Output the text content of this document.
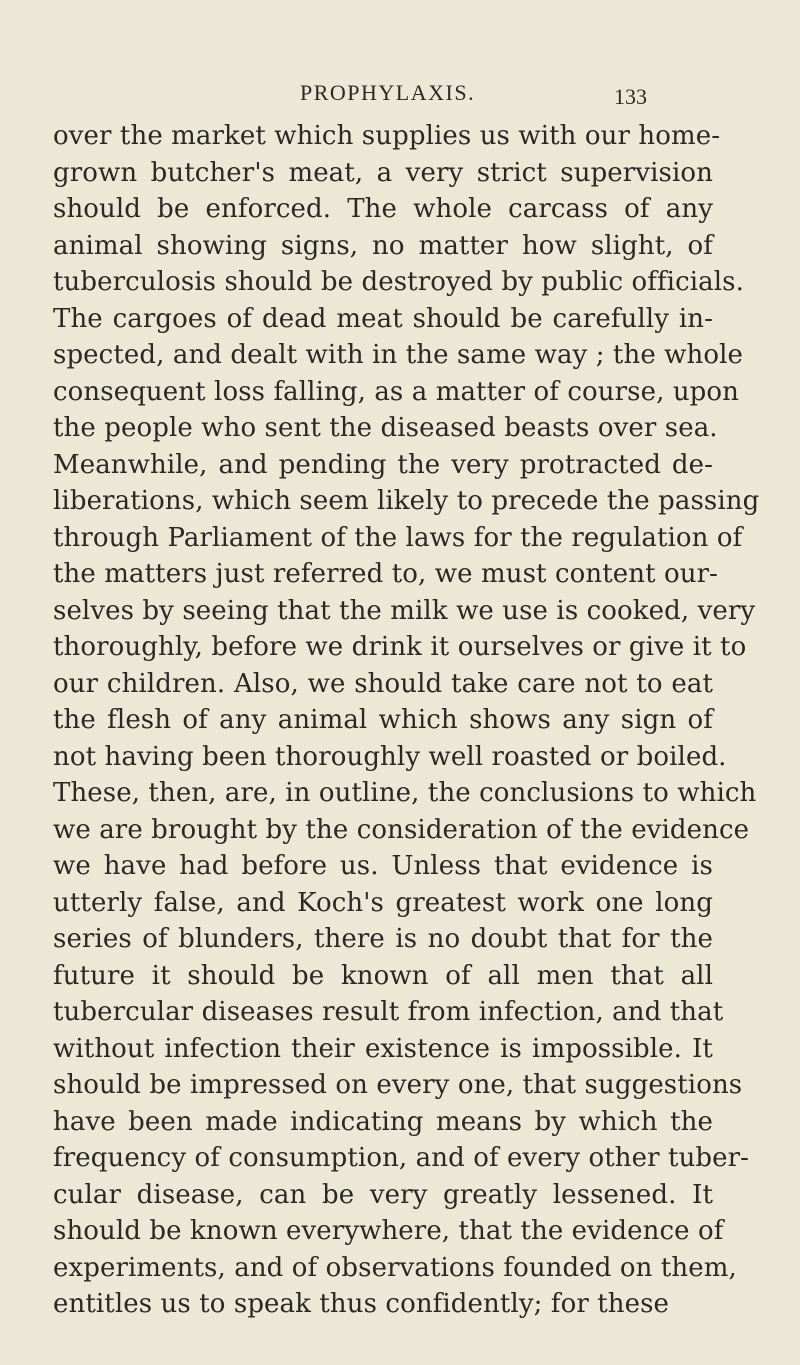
PROPHYLAXIS.	133
over the market which supplies us with our home-
grown butcher's meat, a very strict supervision
should be enforced. The whole carcass of any
animal showing signs, no matter how slight, of
tuberculosis should be destroyed by public officials.
The cargoes of dead meat should be carefully in-
spected, and dealt with in the same way ; the whole
consequent loss falling, as a matter of course, upon
the people who sent the diseased beasts over sea.
Meanwhile, and pending the very protracted de-
liberations, which seem likely to precede the passing
through Parliament of the laws for the regulation of
the matters just referred to, we must content our-
selves by seeing that the milk we use is cooked, very
thoroughly, before we drink it ourselves or give it to
our children. Also, we should take care not to eat
the flesh of any animal which shows any sign of
not having been thoroughly well roasted or boiled.
These, then, are, in outline, the conclusions to which
we are brought by the consideration of the evidence
we have had before us. Unless that evidence is
utterly false, and Koch's greatest work one long
series of blunders, there is no doubt that for the
future it should be known of all men that all
tubercular diseases result from infection, and that
without infection their existence is impossible. It
should be impressed on every one, that suggestions
have been made indicating means by which the
frequency of consumption, and of every other tuber-
cular disease, can be very greatly lessened. It
should be known everywhere, that the evidence of
experiments, and of observations founded on them,
entitles us to speak thus confidently; for these
